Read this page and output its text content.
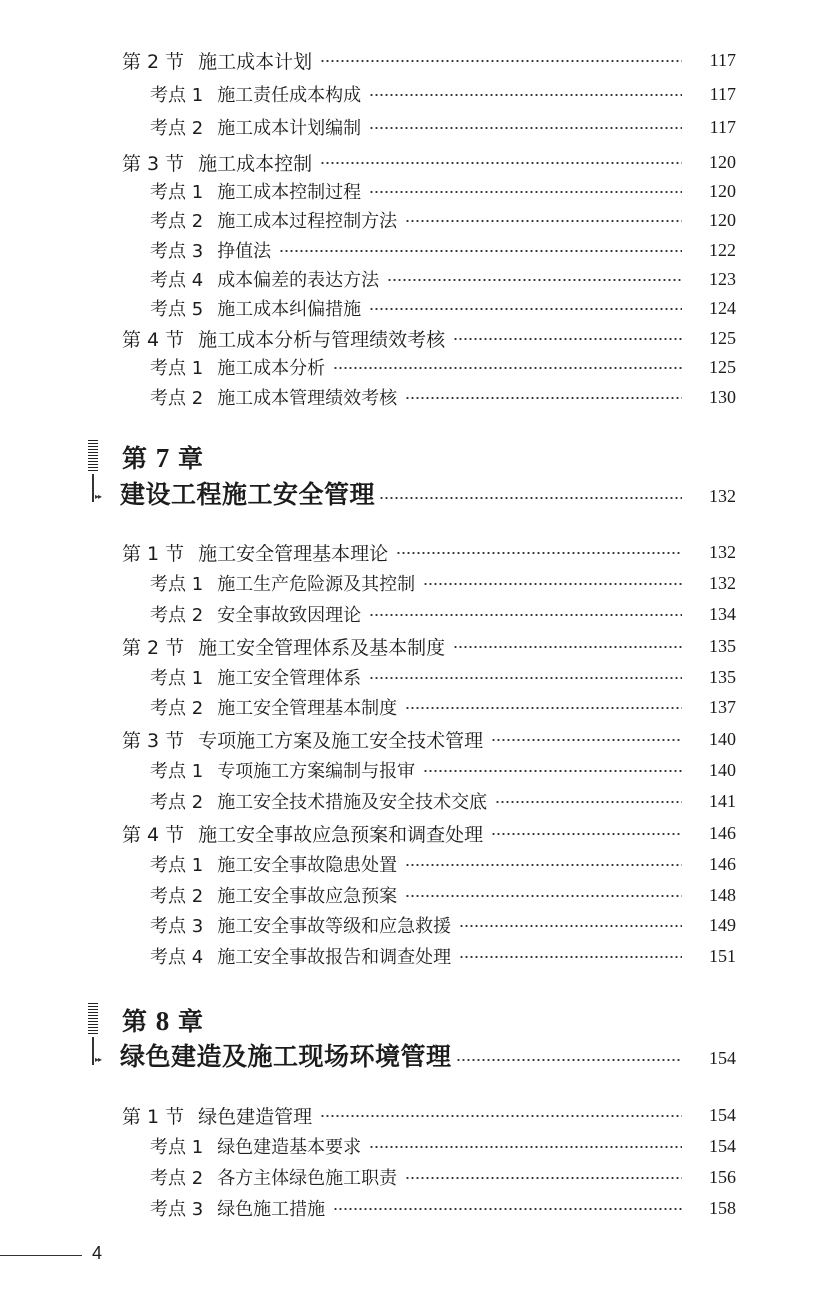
第 2 节 施工成本计划	117
考点 1 施工责任成本构成	117
考点 2 施工成本计划编制	117
第 3 节 施工成本控制	120
考点 1 施工成本控制过程	120
考点 2 施工成本过程控制方法	120
考点 3 挣值法	122
考点 4 成本偏差的表达方法	123
考点 5 施工成本纠偏措施	124
第 4 节 施工成本分析与管理绩效考核	125
考点 1 施工成本分析	125
考点 2 施工成本管理绩效考核	130
▸▸
第 7 章
建设工程施工安全管理	132
第 1 节 施工安全管理基本理论	132
考点 1 施工生产危险源及其控制	132
考点 2 安全事故致因理论	134
第 2 节 施工安全管理体系及基本制度	135
考点 1 施工安全管理体系	135
考点 2 施工安全管理基本制度	137
第 3 节 专项施工方案及施工安全技术管理	140
考点 1 专项施工方案编制与报审	140
考点 2 施工安全技术措施及安全技术交底	141
第 4 节 施工安全事故应急预案和调查处理	146
考点 1 施工安全事故隐患处置	146
考点 2 施工安全事故应急预案	148
考点 3 施工安全事故等级和应急救援	149
考点 4 施工安全事故报告和调查处理	151
▸▸
第 8 章
绿色建造及施工现场环境管理	154
第 1 节 绿色建造管理	154
考点 1 绿色建造基本要求	154
考点 2 各方主体绿色施工职责	156
考点 3 绿色施工措施	158
4
